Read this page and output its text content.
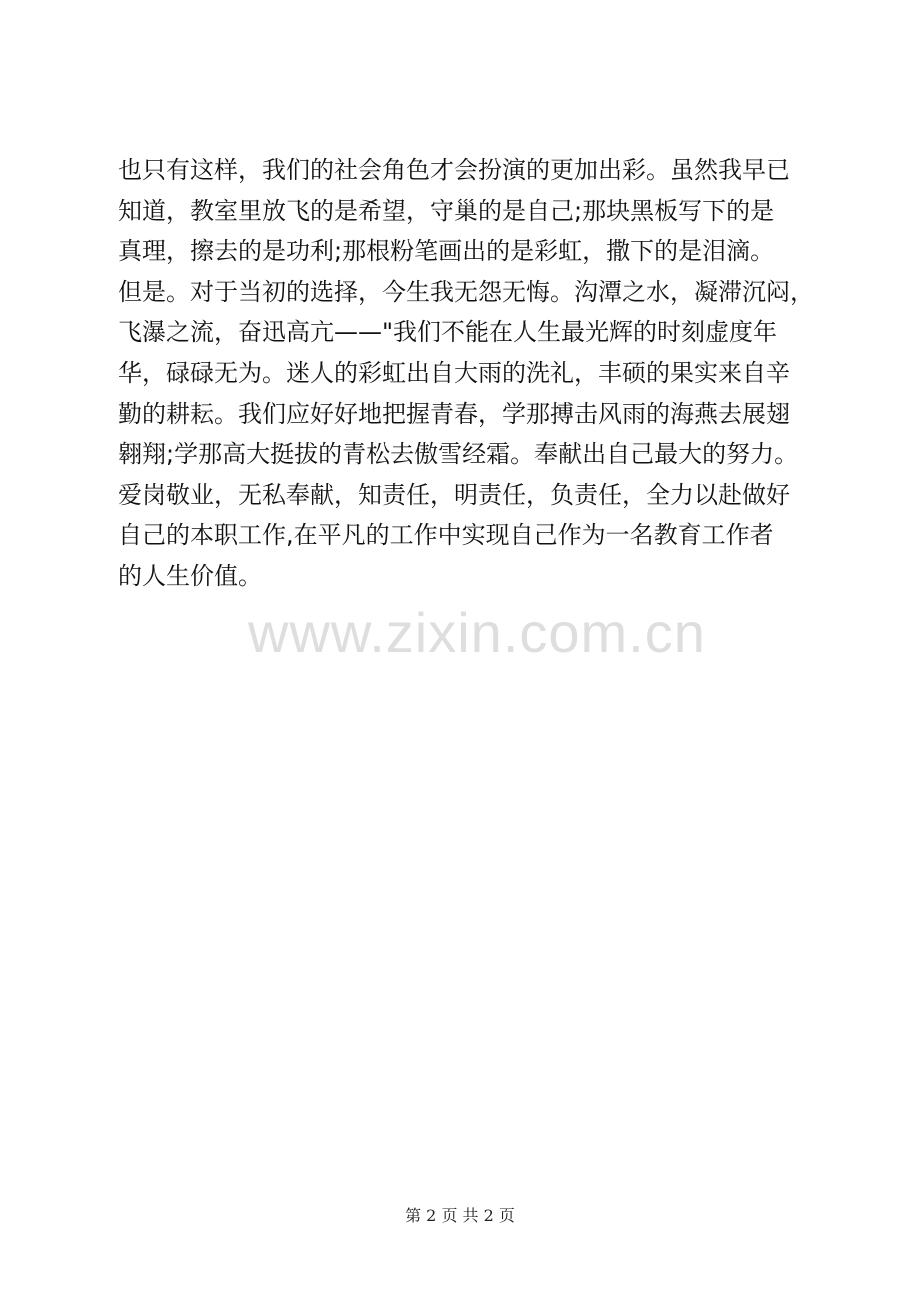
也只有这样，我们的社会角色才会扮演的更加出彩。虽然我早已
知道，教室里放飞的是希望，守巢的是自己;那块黑板写下的是
真理，擦去的是功利;那根粉笔画出的是彩虹，撒下的是泪滴。
但是。对于当初的选择，今生我无怨无悔。沟潭之水，凝滞沉闷，
飞瀑之流，奋迅高亢——"我们不能在人生最光辉的时刻虚度年
华，碌碌无为。迷人的彩虹出自大雨的洗礼，丰硕的果实来自辛
勤的耕耘。我们应好好地把握青春，学那搏击风雨的海燕去展翅
翱翔;学那高大挺拔的青松去傲雪经霜。奉献出自己最大的努力。
爱岗敬业，无私奉献，知责任，明责任，负责任，全力以赴做好
自己的本职工作,在平凡的工作中实现自己作为一名教育工作者
的人生价值。
www.zixin.com.cn
第 2 页 共 2 页
